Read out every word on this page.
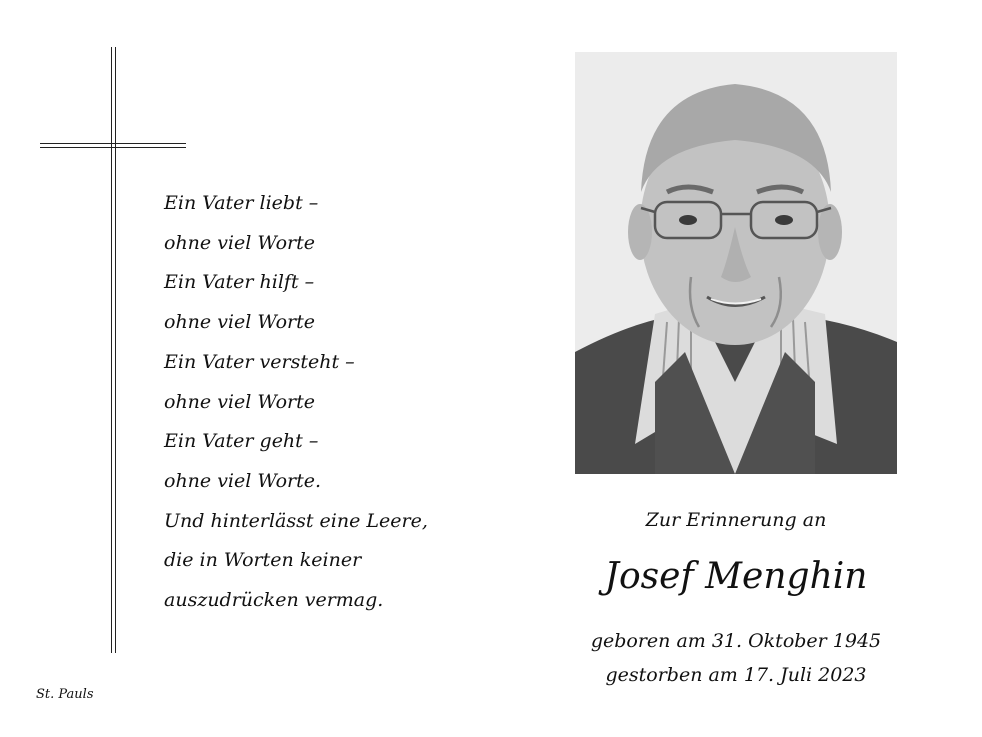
Ein Vater liebt –
ohne viel Worte
Ein Vater hilft –
ohne viel Worte
Ein Vater versteht –
ohne viel Worte
Ein Vater geht –
ohne viel Worte.
Und hinterlässt eine Leere,
die in Worten keiner
auszudrücken vermag.
St. Pauls
Zur Erinnerung an
Josef Menghin
geboren am 31. Oktober 1945
gestorben am 17. Juli 2023
